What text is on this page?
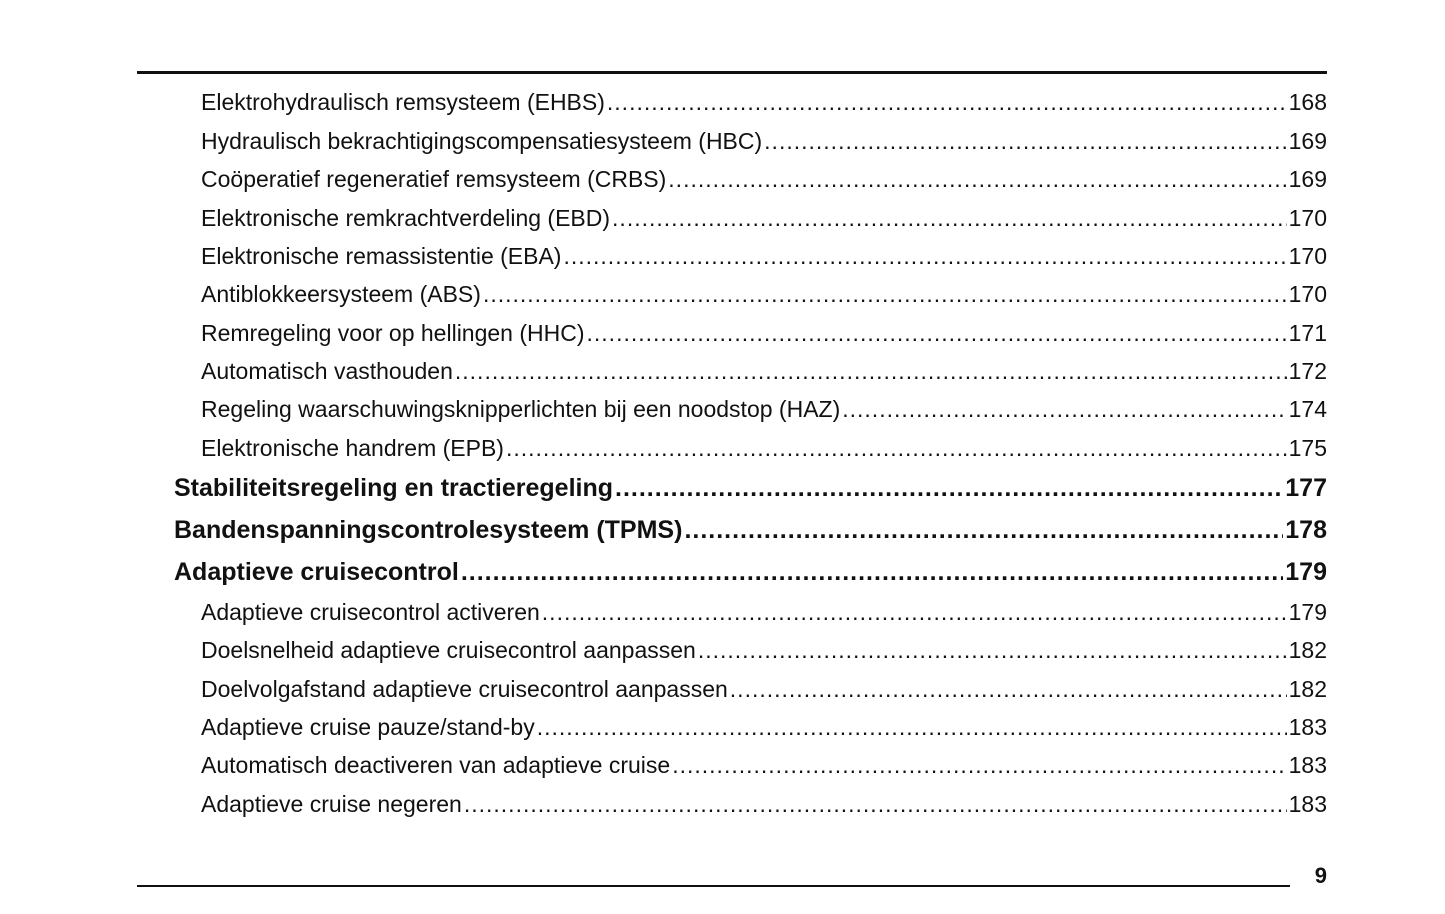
Elektrohydraulisch remsysteem (EHBS) .....	168
Hydraulisch bekrachtigingscompensatiesysteem (HBC) .....	169
Coöperatief regeneratief remsysteem (CRBS) .....	169
Elektronische remkrachtverdeling (EBD) .....	170
Elektronische remassistentie (EBA) .....	170
Antiblokkeersysteem (ABS) .....	170
Remregeling voor op hellingen (HHC) .....	171
Automatisch vasthouden .....	172
Regeling waarschuwingsknipperlichten bij een noodstop (HAZ) .....	174
Elektronische handrem (EPB) .....	175
Stabiliteitsregeling en tractieregeling .....	177
Bandenspanningscontrolesysteem (TPMS) .....	178
Adaptieve cruisecontrol .....	179
Adaptieve cruisecontrol activeren .....	179
Doelsnelheid adaptieve cruisecontrol aanpassen .....	182
Doelvolgafstand adaptieve cruisecontrol aanpassen .....	182
Adaptieve cruise pauze/stand-by .....	183
Automatisch deactiveren van adaptieve cruise .....	183
Adaptieve cruise negeren .....	183
9
